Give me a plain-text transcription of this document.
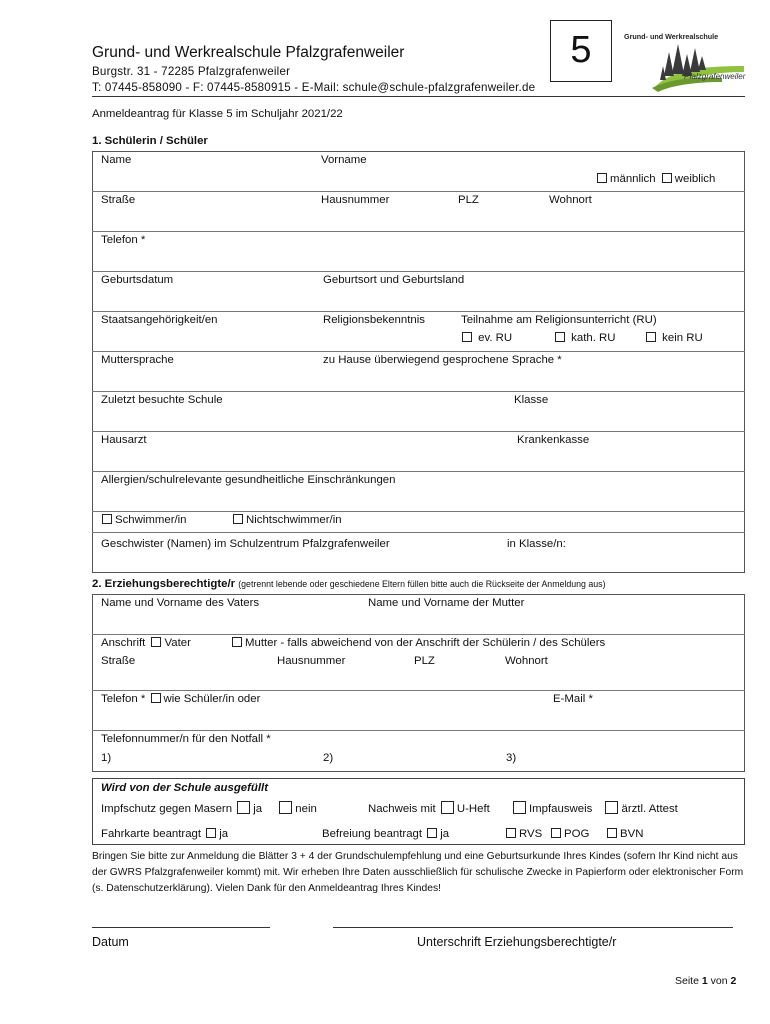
Grund- und Werkrealschule Pfalzgrafenweiler
Burgstr. 31 - 72285 Pfalzgrafenweiler
T: 07445-858090 - F: 07445-8580915 - E-Mail: schule@schule-pfalzgrafenweiler.de
5	Grund- und Werkrealschule
Pfalzgrafenweiler
Anmeldeantrag für Klasse 5 im Schuljahr 2021/22
1. Schülerin / Schüler
Name	Vorname
männlich weiblich
Straße	Hausnummer	PLZ	Wohnort
Telefon *
Geburtsdatum	Geburtsort und Geburtsland
Staatsangehörigkeit/en	Religionsbekenntnis	Teilnahme am Religionsunterricht (RU)
ev. RU	kath. RU	kein RU
Muttersprache	zu Hause überwiegend gesprochene Sprache *
Zuletzt besuchte Schule	Klasse
Hausarzt	Krankenkasse
Allergien/schulrelevante gesundheitliche Einschränkungen
Schwimmer/in	Nichtschwimmer/in
Geschwister (Namen) im Schulzentrum Pfalzgrafenweiler	in Klasse/n:
2. Erziehungsberechtigte/r (getrennt lebende oder geschiedene Eltern füllen bitte auch die Rückseite der Anmeldung aus)
Name und Vorname des Vaters	Name und Vorname der Mutter
Anschrift Vater	Mutter - falls abweichend von der Anschrift der Schülerin / des Schülers
Straße	Hausnummer	PLZ	Wohnort
Telefon * wie Schüler/in oder	E-Mail *
Telefonnummer/n für den Notfall *
1)	2)	3)
Wird von der Schule ausgefüllt
Impfschutz gegen Masern ja	nein	Nachweis mit U-Heft	Impfausweis	ärztl. Attest
Fahrkarte beantragt ja	Befreiung beantragt ja	RVS	POG	BVN
Bringen Sie bitte zur Anmeldung die Blätter 3 + 4 der Grundschulempfehlung und eine Geburtsurkunde Ihres Kindes (sofern Ihr Kind nicht aus der GWRS Pfalzgrafenweiler kommt) mit. Wir erheben Ihre Daten ausschließlich für schulische Zwecke in Papierform oder elektronischer Form (s. Datenschutzerklärung). Vielen Dank für den Anmeldeantrag Ihres Kindes!
Datum	Unterschrift Erziehungsberechtigte/r
Seite 1 von 2
